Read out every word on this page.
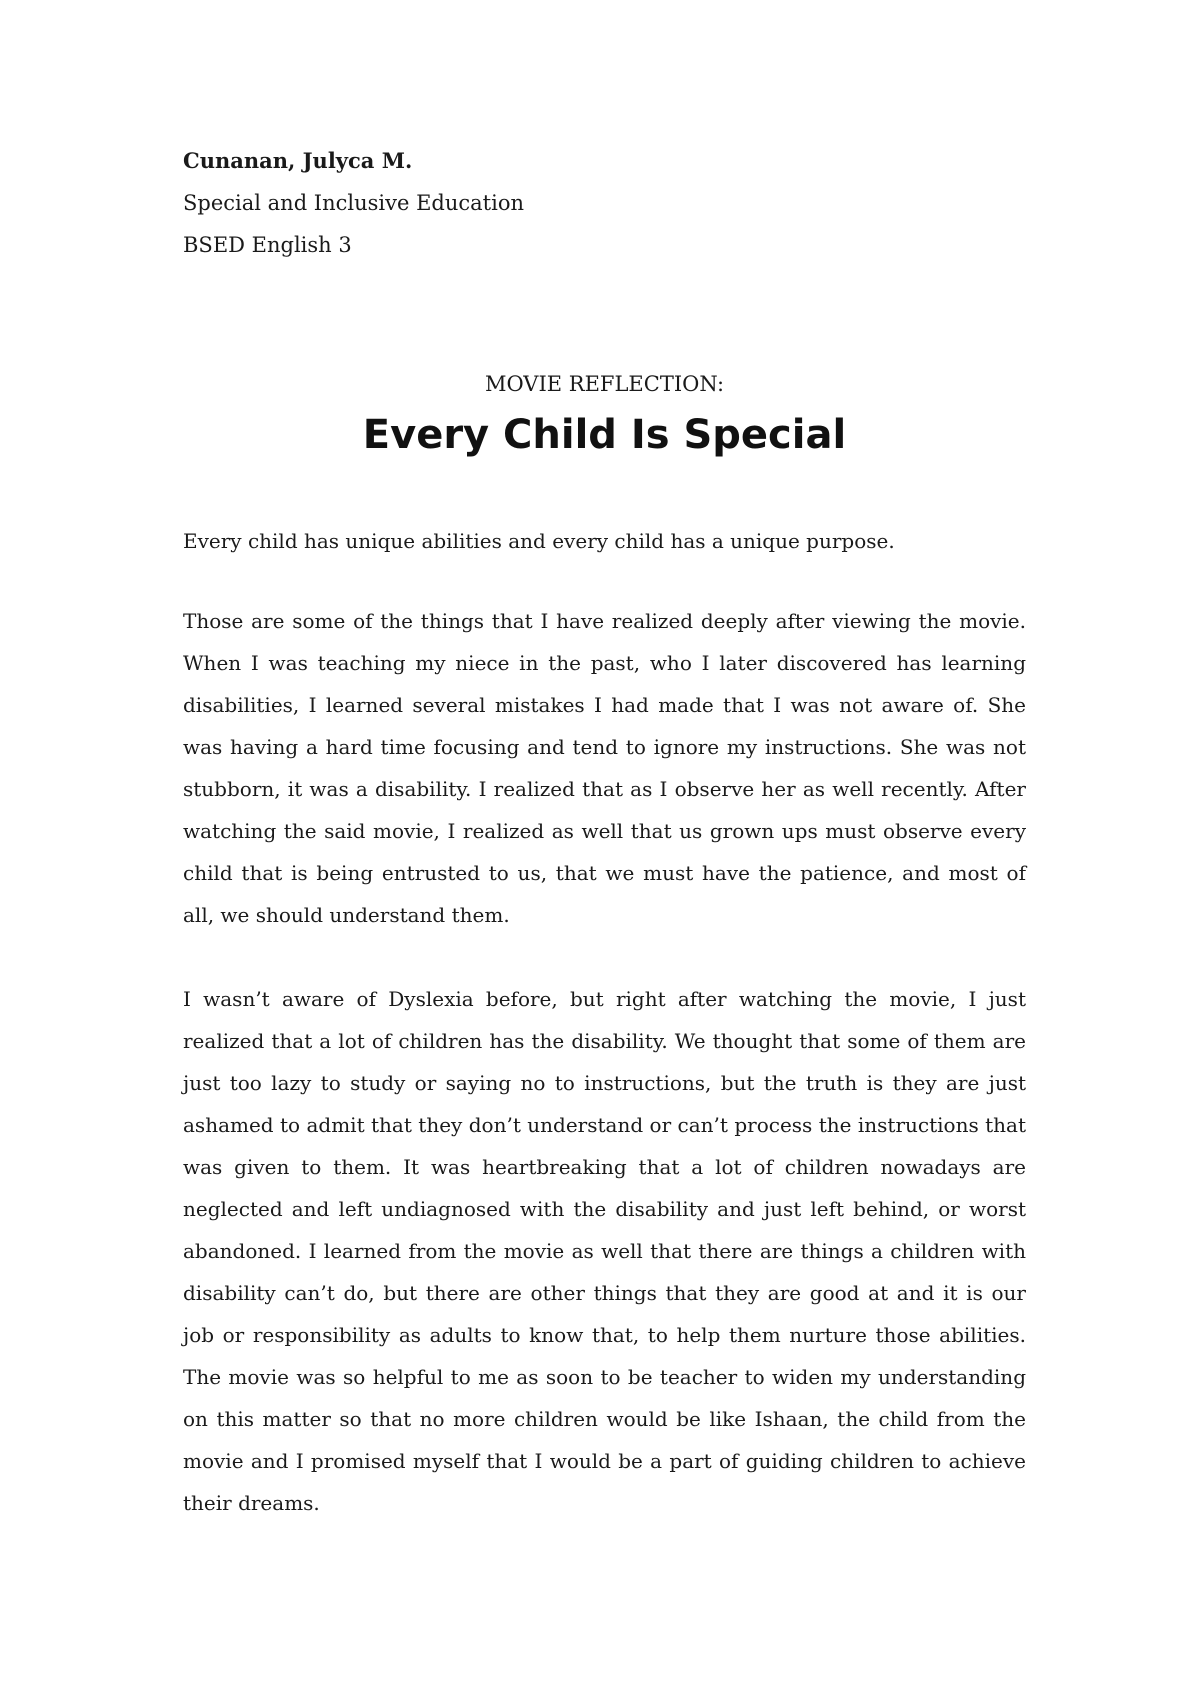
Cunanan, Julyca M.

Special and Inclusive Education

BSED English 3

MOVIE REFLECTION:

Every Child Is Special

Every child has unique abilities and every child has a unique purpose.

Those are some of the things that I have realized deeply after viewing the movie. When I was teaching my niece in the past, who I later discovered has learning disabilities, I learned several mistakes I had made that I was not aware of. She was having a hard time focusing and tend to ignore my instructions. She was not stubborn, it was a disability. I realized that as I observe her as well recently. After watching the said movie, I realized as well that us grown ups must observe every child that is being entrusted to us, that we must have the patience, and most of all, we should understand them.

I wasn’t aware of Dyslexia before, but right after watching the movie, I just realized that a lot of children has the disability. We thought that some of them are just too lazy to study or saying no to instructions, but the truth is they are just ashamed to admit that they don’t understand or can’t process the instructions that was given to them. It was heartbreaking that a lot of children nowadays are neglected and left undiagnosed with the disability and just left behind, or worst abandoned. I learned from the movie as well that there are things a children with disability can’t do, but there are other things that they are good at and it is our job or responsibility as adults to know that, to help them nurture those abilities. The movie was so helpful to me as soon to be teacher to widen my understanding on this matter so that no more children would be like Ishaan, the child from the movie and I promised myself that I would be a part of guiding children to achieve their dreams.
